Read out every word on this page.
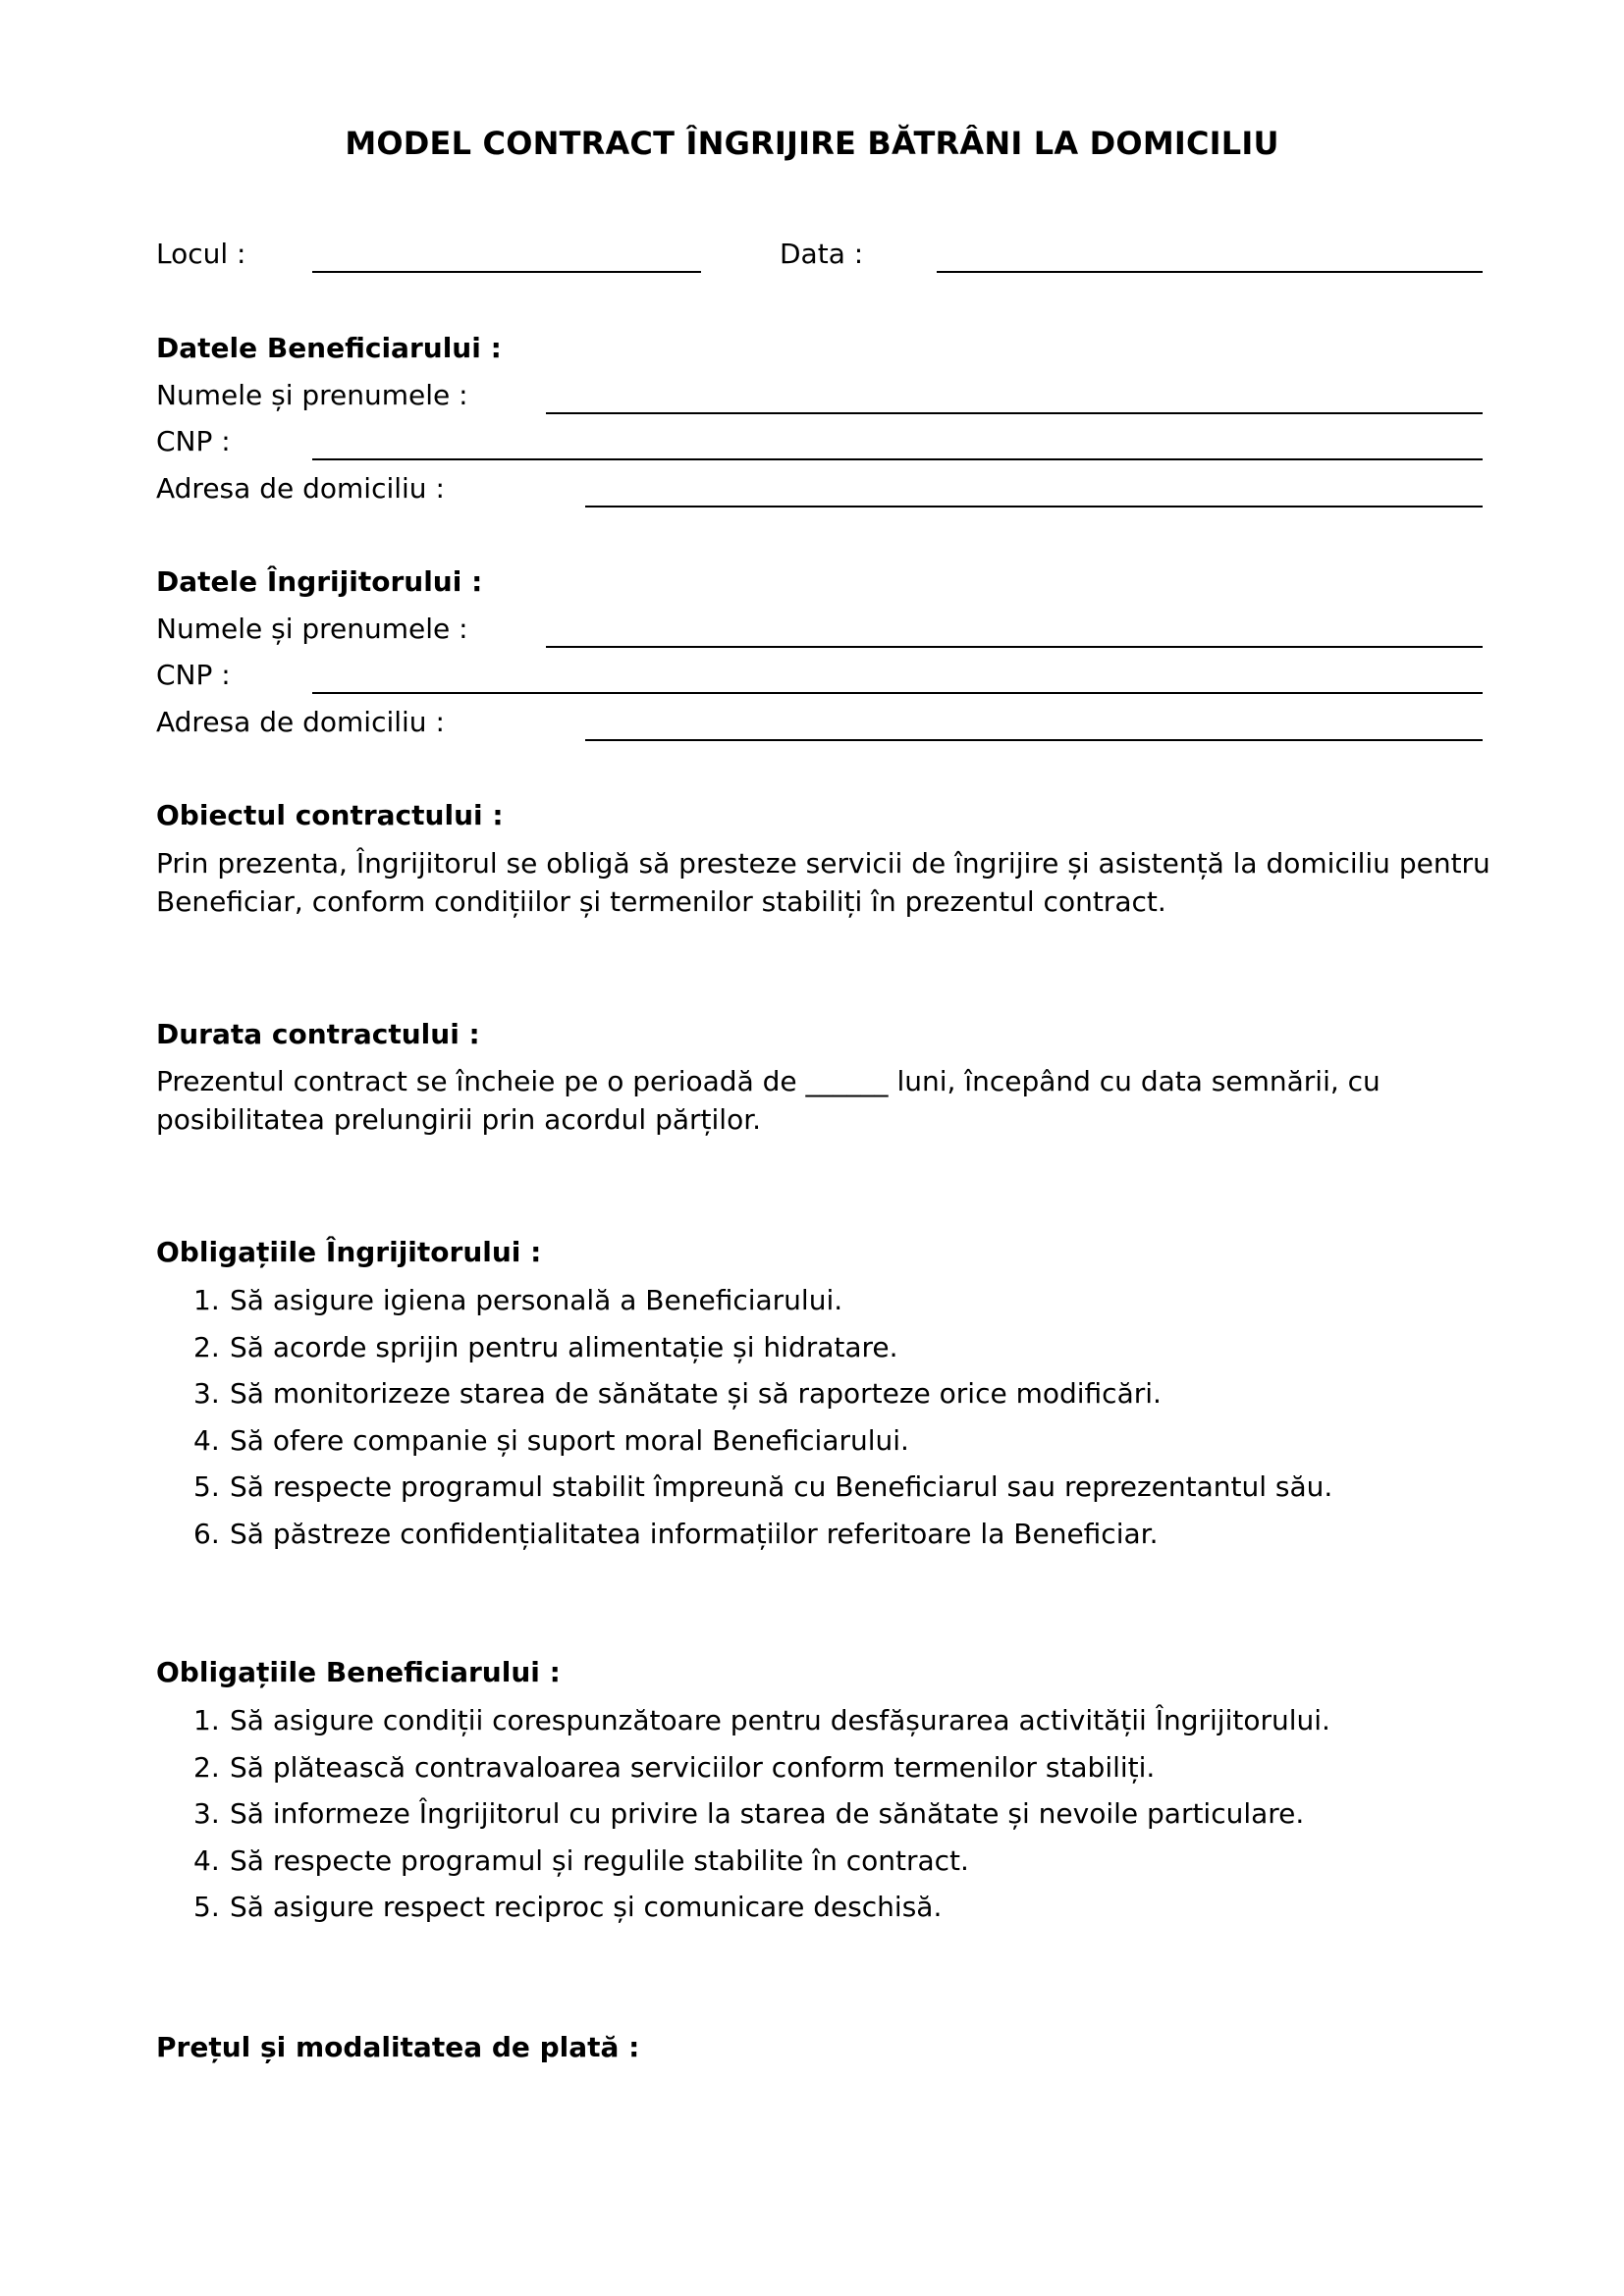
MODEL CONTRACT ÎNGRIJIRE BĂTRÂNI LA DOMICILIU
Locul :	Data :
Datele Beneficiarului :
Numele și prenumele :
CNP :
Adresa de domiciliu :
Datele Îngrijitorului :
Numele și prenumele :
CNP :
Adresa de domiciliu :
Obiectul contractului :
Prin prezenta, Îngrijitorul se obligă să presteze servicii de îngrijire și asistență la domiciliu pentru Beneficiar, conform condițiilor și termenilor stabiliți în prezentul contract.
Durata contractului :
Prezentul contract se încheie pe o perioadă de ______ luni, începând cu data semnării, cu posibilitatea prelungirii prin acordul părților.
Obligațiile Îngrijitorului :
1. Să asigure igiena personală a Beneficiarului.
2. Să acorde sprijin pentru alimentație și hidratare.
3. Să monitorizeze starea de sănătate și să raporteze orice modificări.
4. Să ofere companie și suport moral Beneficiarului.
5. Să respecte programul stabilit împreună cu Beneficiarul sau reprezentantul său.
6. Să păstreze confidențialitatea informațiilor referitoare la Beneficiar.
Obligațiile Beneficiarului :
1. Să asigure condiții corespunzătoare pentru desfășurarea activității Îngrijitorului.
2. Să plătească contravaloarea serviciilor conform termenilor stabiliți.
3. Să informeze Îngrijitorul cu privire la starea de sănătate și nevoile particulare.
4. Să respecte programul și regulile stabilite în contract.
5. Să asigure respect reciproc și comunicare deschisă.
Prețul și modalitatea de plată :
